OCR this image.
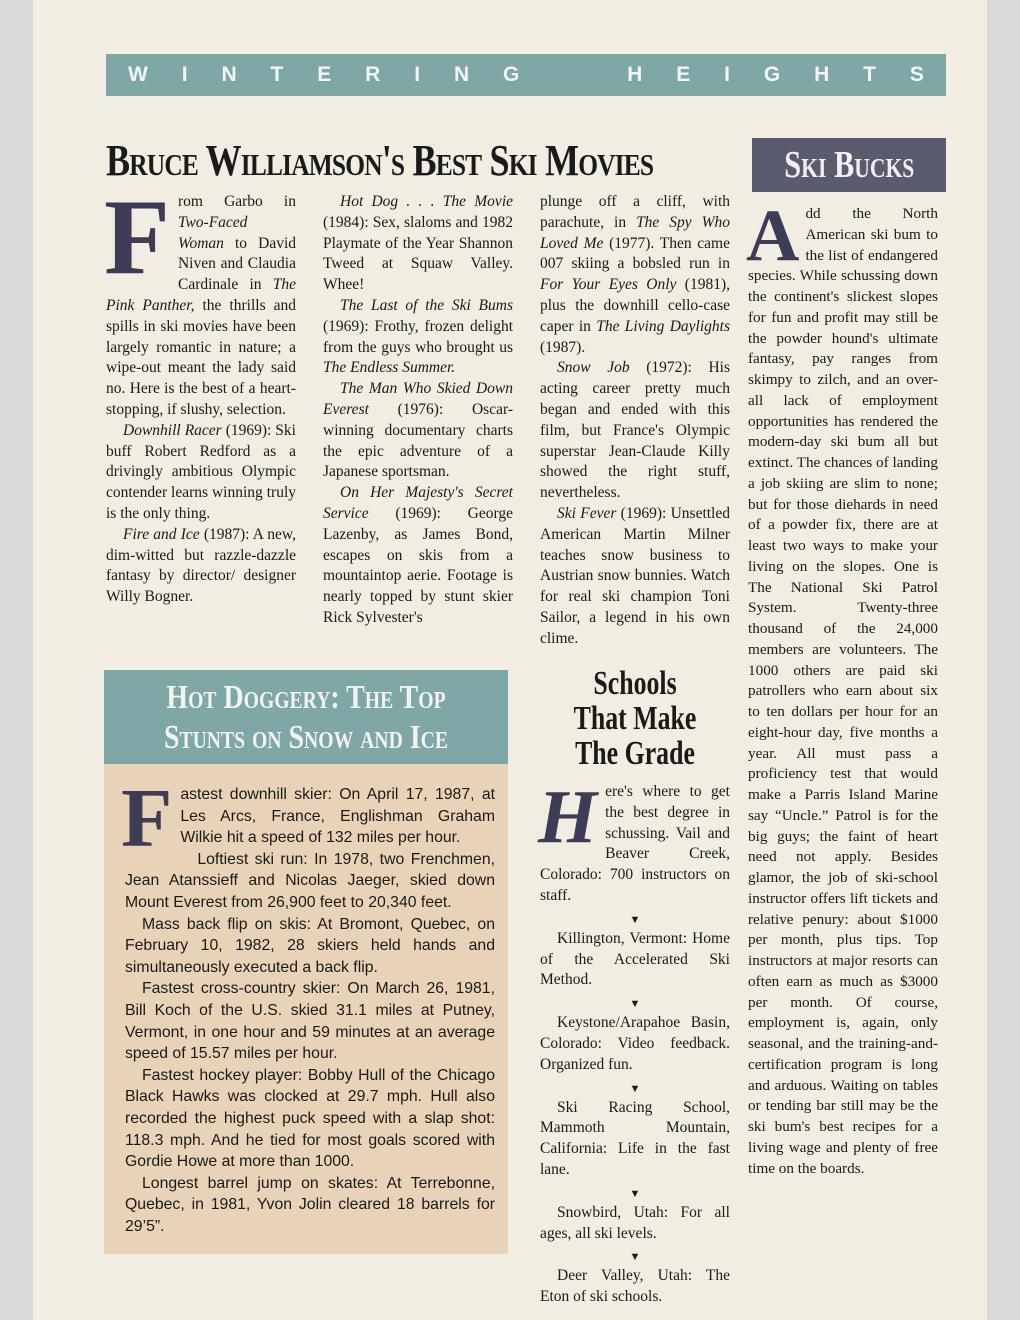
W I N T E R I N G	H E I G H T S
Bruce Williamson's Best Ski Movies

From Garbo in Two-Faced Woman to David Niven and Claudia Cardinale in The Pink Panther, the thrills and spills in ski movies have been largely romantic in nature; a wipe-out meant the lady said no. Here is the best of a heart-stopping, if slushy, selection.

Downhill Racer (1969): Ski buff Robert Redford as a drivingly ambitious Olympic contender learns winning truly is the only thing.

Fire and Ice (1987): A new, dim-witted but razzle-dazzle fantasy by director/ designer Willy Bogner.

Hot Dog . . . The Movie (1984): Sex, slaloms and 1982 Playmate of the Year Shannon Tweed at Squaw Valley. Whee!

The Last of the Ski Bums (1969): Frothy, frozen delight from the guys who brought us The Endless Summer.

The Man Who Skied Down Everest (1976): Oscar-winning documentary charts the epic adventure of a Japanese sportsman.

On Her Majesty's Secret Service (1969): George Lazenby, as James Bond, escapes on skis from a mountaintop aerie. Footage is nearly topped by stunt skier Rick Sylvester's

plunge off a cliff, with parachute, in The Spy Who Loved Me (1977). Then came 007 skiing a bobsled run in For Your Eyes Only (1981), plus the downhill cello-case caper in The Living Daylights (1987).

Snow Job (1972): His acting career pretty much began and ended with this film, but France's Olympic superstar Jean-Claude Killy showed the right stuff, nevertheless.

Ski Fever (1969): Unsettled American Martin Milner teaches snow business to Austrian snow bunnies. Watch for real ski champion Toni Sailor, a legend in his own clime.

Ski Bucks

Add the North American ski bum to the list of endangered species. While schussing down the continent's slickest slopes for fun and profit may still be the powder hound's ultimate fantasy, pay ranges from skimpy to zilch, and an over-all lack of employment opportunities has rendered the modern-day ski bum all but extinct. The chances of landing a job skiing are slim to none; but for those diehards in need of a powder fix, there are at least two ways to make your living on the slopes. One is The National Ski Patrol System. Twenty-three thousand of the 24,000 members are volunteers. The 1000 others are paid ski patrollers who earn about six to ten dollars per hour for an eight-hour day, five months a year. All must pass a proficiency test that would make a Parris Island Marine say “Uncle.” Patrol is for the big guys; the faint of heart need not apply. Besides glamor, the job of ski-school instructor offers lift tickets and relative penury: about $1000 per month, plus tips. Top instructors at major resorts can often earn as much as $3000 per month. Of course, employment is, again, only seasonal, and the training-and-certification program is long and arduous. Waiting on tables or tending bar still may be the ski bum's best recipes for a living wage and plenty of free time on the boards.

Hot Doggery: The Top
Stunts on Snow and Ice

Fastest downhill skier: On April 17, 1987, at Les Arcs, France, Englishman Graham Wilkie hit a speed of 132 miles per hour.

Loftiest ski run: In 1978, two Frenchmen, Jean Atanssieff and Nicolas Jaeger, skied down Mount Everest from 26,900 feet to 20,340 feet.

Mass back flip on skis: At Bromont, Quebec, on February 10, 1982, 28 skiers held hands and simultaneously executed a back flip.

Fastest cross-country skier: On March 26, 1981, Bill Koch of the U.S. skied 31.1 miles at Putney, Vermont, in one hour and 59 minutes at an average speed of 15.57 miles per hour.

Fastest hockey player: Bobby Hull of the Chicago Black Hawks was clocked at 29.7 mph. Hull also recorded the highest puck speed with a slap shot: 118.3 mph. And he tied for most goals scored with Gordie Howe at more than 1000.

Longest barrel jump on skates: At Terrebonne, Quebec, in 1981, Yvon Jolin cleared 18 barrels for 29’5”.

Schools
That Make
The Grade

Here's where to get the best degree in schussing. Vail and Beaver Creek, Colorado: 700 instructors on staff.

▼

Killington, Vermont: Home of the Accelerated Ski Method.

▼

Keystone/Arapahoe Basin, Colorado: Video feedback. Organized fun.

▼

Ski Racing School, Mammoth Mountain, California: Life in the fast lane.

▼

Snowbird, Utah: For all ages, all ski levels.

▼

Deer Valley, Utah: The Eton of ski schools.
